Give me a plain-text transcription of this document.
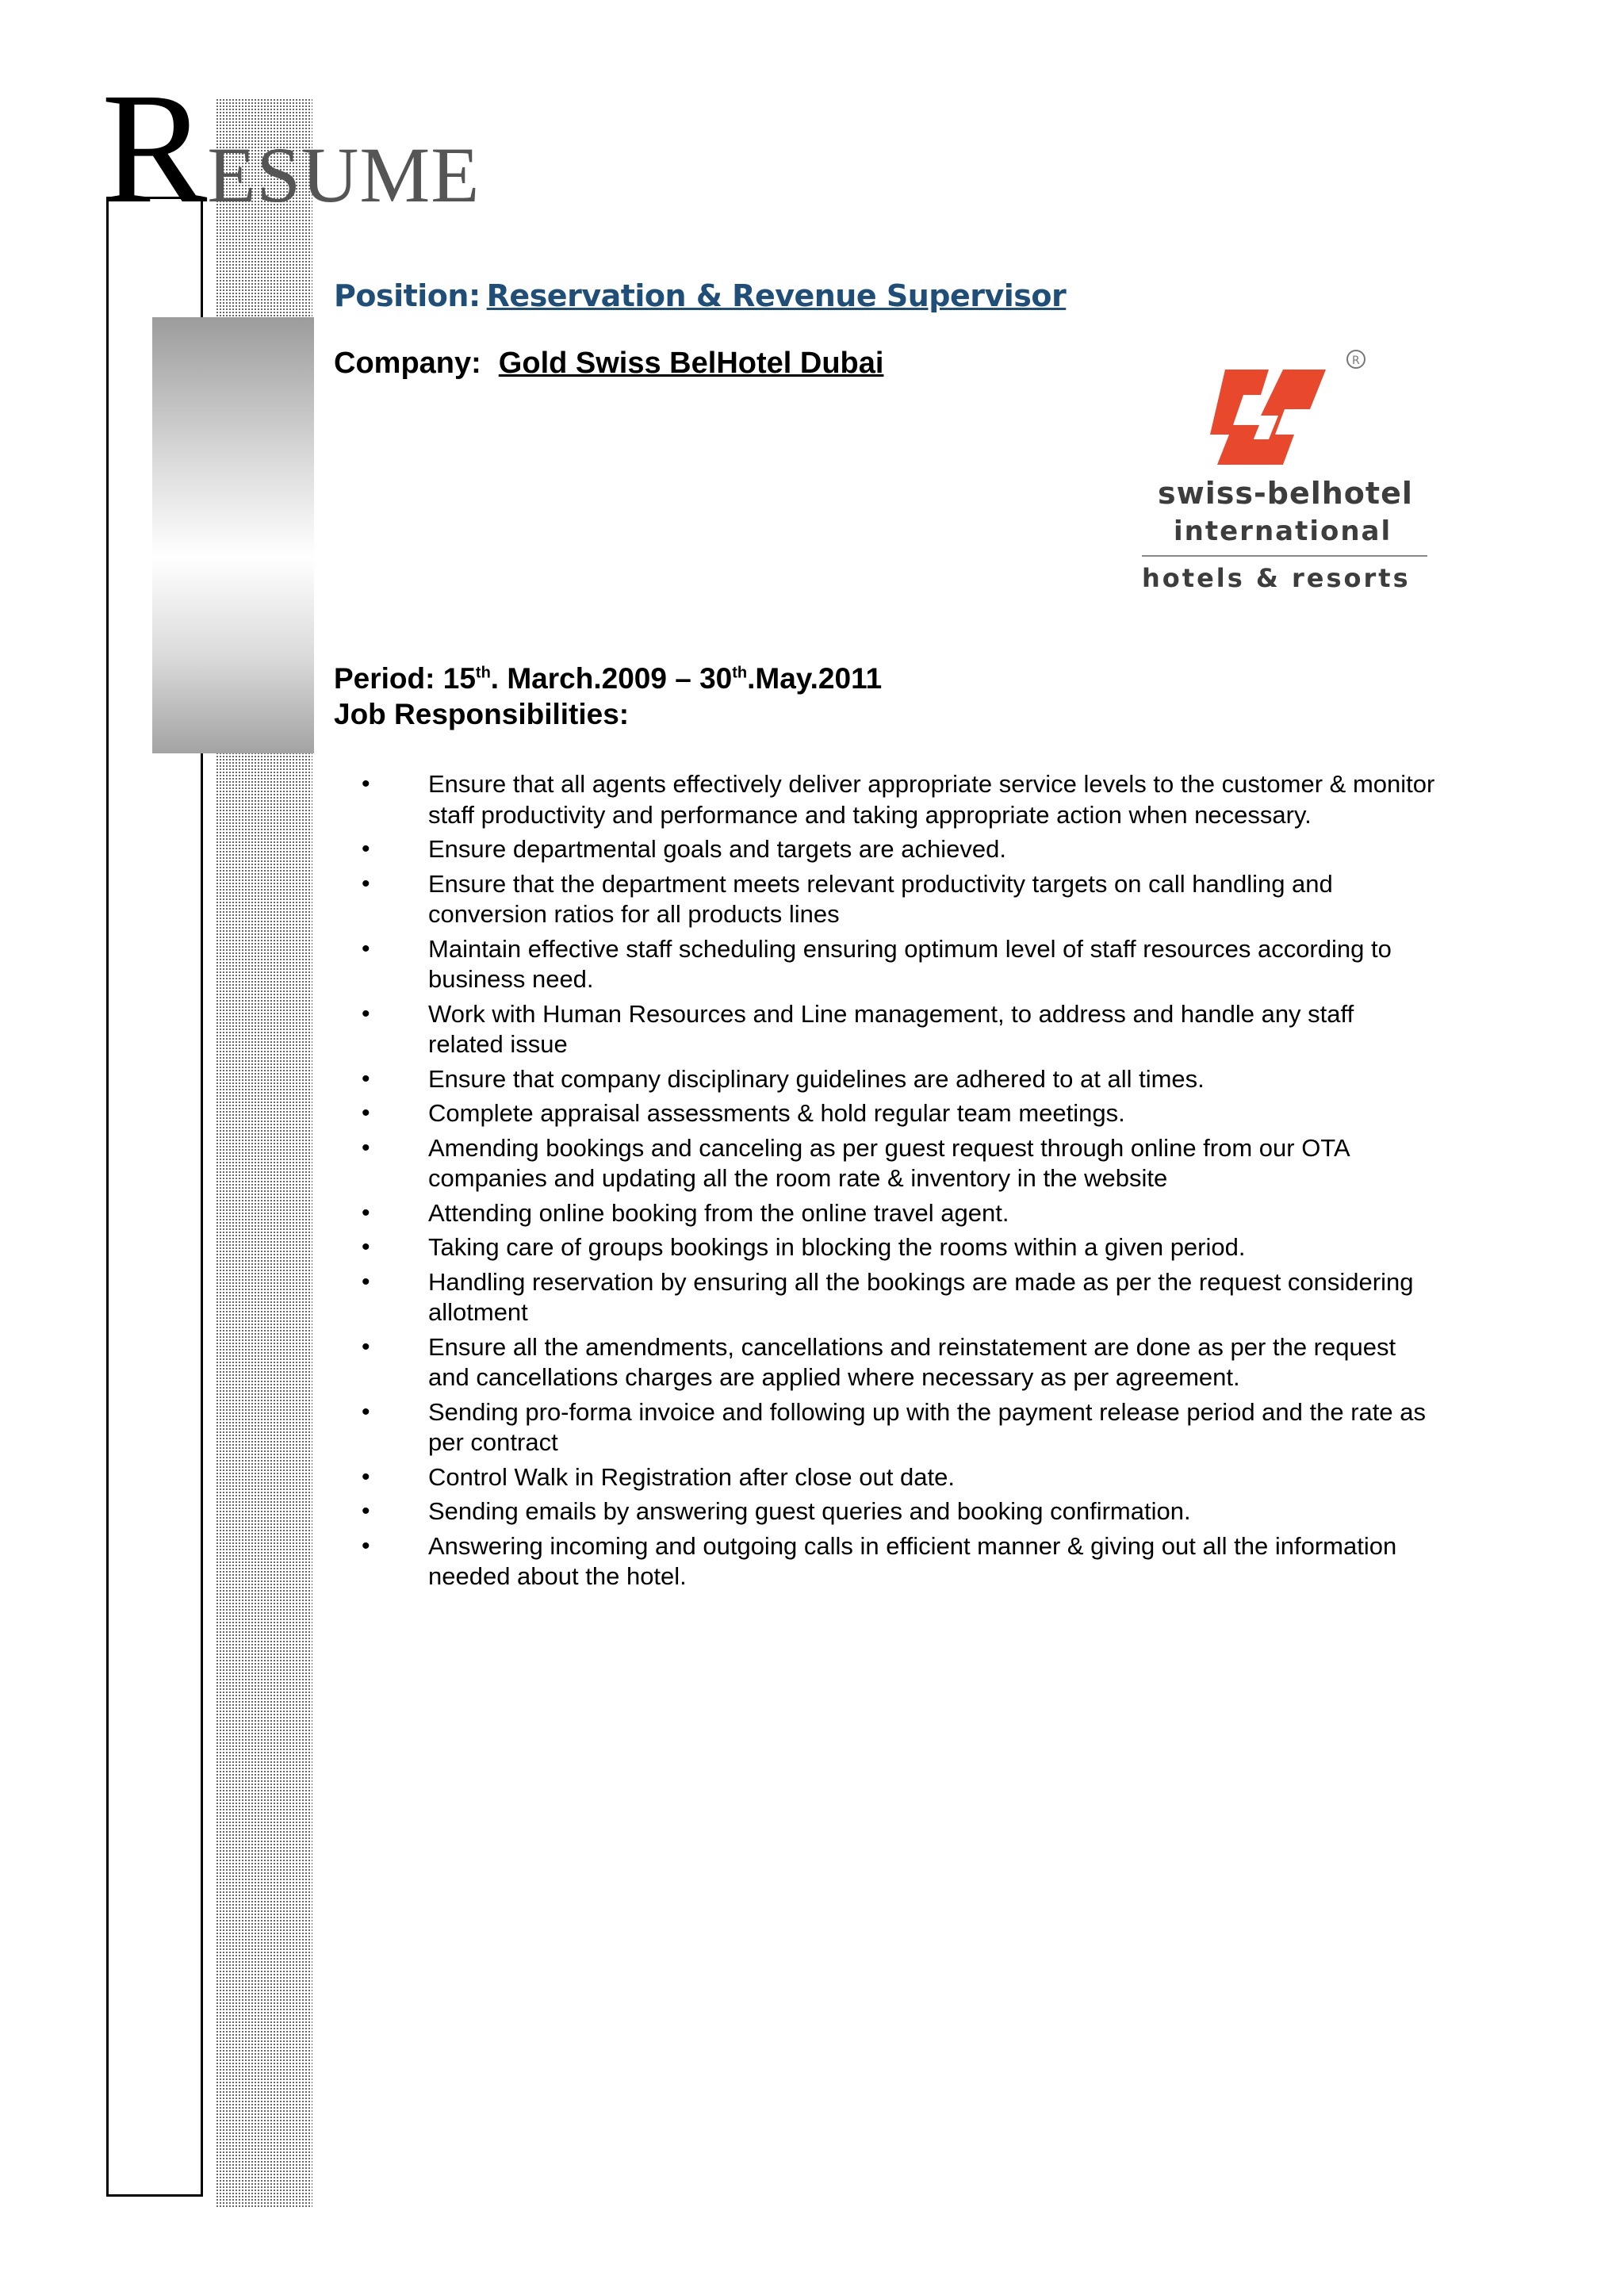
RESUME
Position: Reservation & Revenue Supervisor
Company: Gold Swiss BelHotel Dubai	R
swiss-belhotel
international
hotels & resorts
Period: 15th. March.2009 – 30th.May.2011
Job Responsibilities:
• Ensure that all agents effectively deliver appropriate service levels to the customer & monitor staff productivity and performance and taking appropriate action when necessary.
• Ensure departmental goals and targets are achieved.
• Ensure that the department meets relevant productivity targets on call handling and conversion ratios for all products lines
• Maintain effective staff scheduling ensuring optimum level of staff resources according to business need.
• Work with Human Resources and Line management, to address and handle any staff related issue
• Ensure that company disciplinary guidelines are adhered to at all times.
• Complete appraisal assessments & hold regular team meetings.
• Amending bookings and canceling as per guest request through online from our OTA companies and updating all the room rate & inventory in the website
• Attending online booking from the online travel agent.
• Taking care of groups bookings in blocking the rooms within a given period.
• Handling reservation by ensuring all the bookings are made as per the request considering allotment
• Ensure all the amendments, cancellations and reinstatement are done as per the request and cancellations charges are applied where necessary as per agreement.
• Sending pro-forma invoice and following up with the payment release period and the rate as per contract
• Control Walk in Registration after close out date.
• Sending emails by answering guest queries and booking confirmation.
• Answering incoming and outgoing calls in efficient manner & giving out all the information needed about the hotel.
